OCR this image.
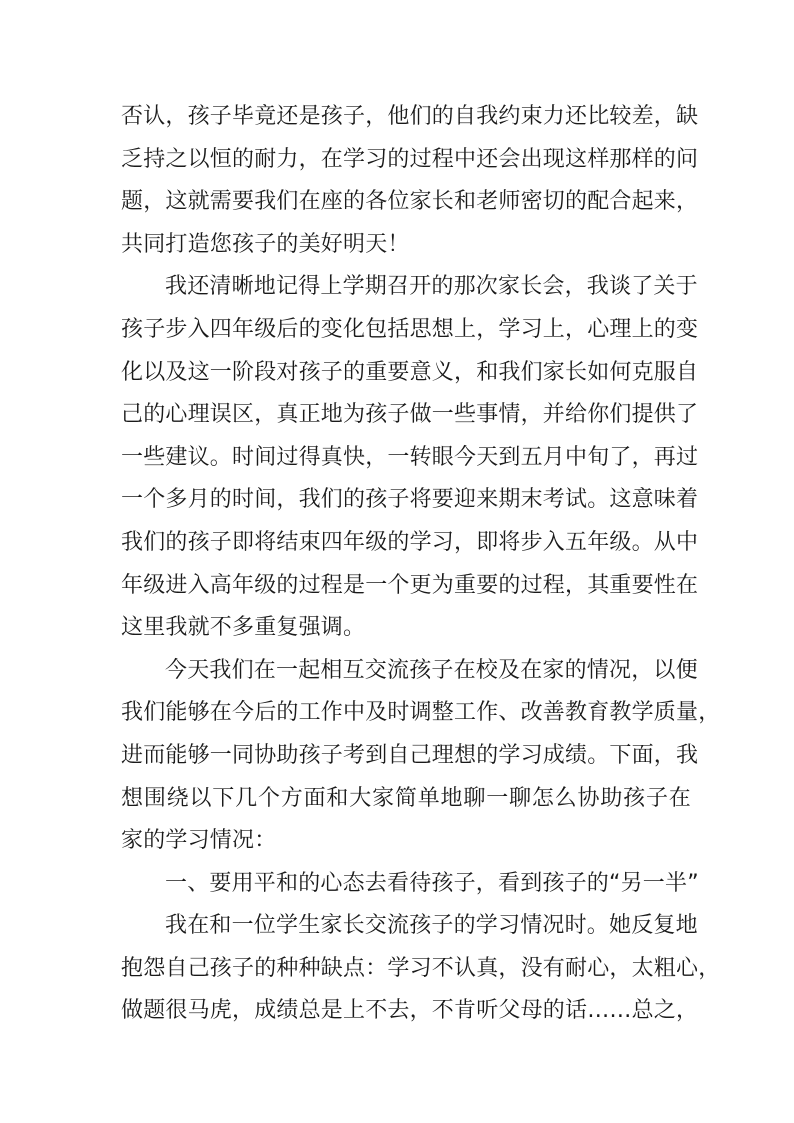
否认，孩子毕竟还是孩子，他们的自我约束力还比较差，缺
乏持之以恒的耐力，在学习的过程中还会出现这样那样的问
题，这就需要我们在座的各位家长和老师密切的配合起来，
共同打造您孩子的美好明天！
我还清晰地记得上学期召开的那次家长会，我谈了关于
孩子步入四年级后的变化包括思想上，学习上，心理上的变
化以及这一阶段对孩子的重要意义，和我们家长如何克服自
己的心理误区，真正地为孩子做一些事情，并给你们提供了
一些建议。时间过得真快，一转眼今天到五月中旬了，再过
一个多月的时间，我们的孩子将要迎来期末考试。这意味着
我们的孩子即将结束四年级的学习，即将步入五年级。从中
年级进入高年级的过程是一个更为重要的过程，其重要性在
这里我就不多重复强调。
今天我们在一起相互交流孩子在校及在家的情况，以便
我们能够在今后的工作中及时调整工作、改善教育教学质量，
进而能够一同协助孩子考到自己理想的学习成绩。下面，我
想围绕以下几个方面和大家简单地聊一聊怎么协助孩子在
家的学习情况：
一、要用平和的心态去看待孩子，看到孩子的“另一半”
我在和一位学生家长交流孩子的学习情况时。她反复地
抱怨自己孩子的种种缺点：学习不认真，没有耐心，太粗心，
做题很马虎，成绩总是上不去，不肯听父母的话……总之，
